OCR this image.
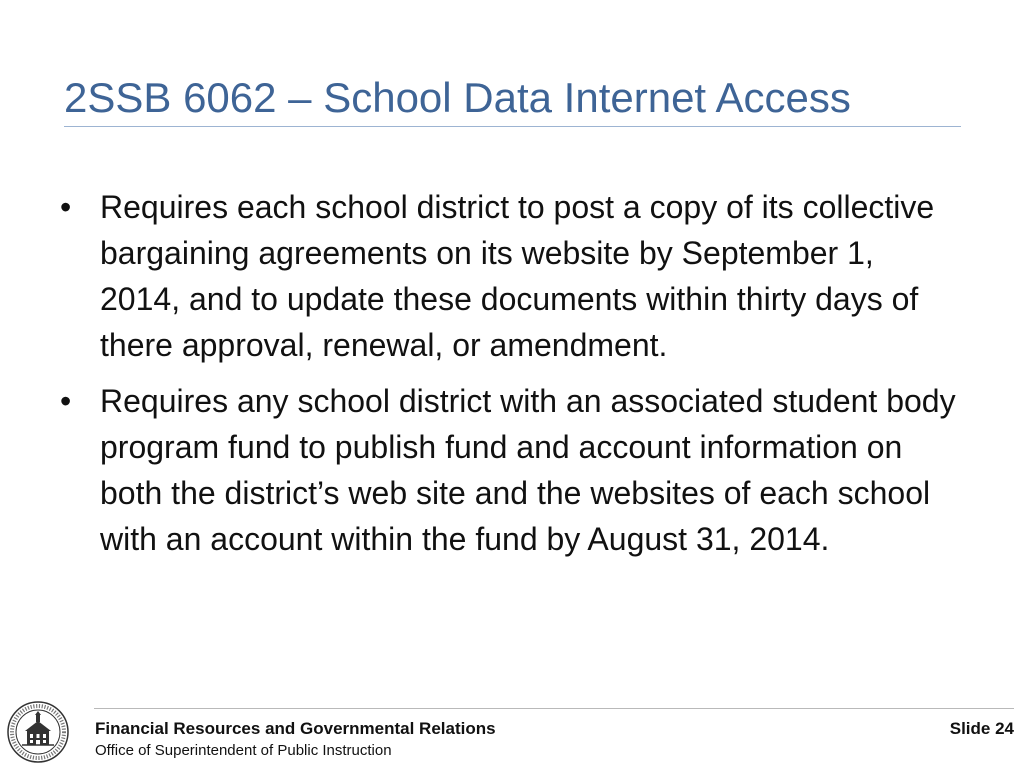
2SSB 6062 – School Data Internet Access
• Requires each school district to post a copy of its collective bargaining agreements on its website by September 1, 2014, and to update these documents within thirty days of there approval, renewal, or amendment.
• Requires any school district with an associated student body program fund to publish fund and account information on both the district’s web site and the websites of each school with an account within the fund by August 31, 2014.
Financial Resources and Governmental Relations
Office of Superintendent of Public Instruction
Slide 24
